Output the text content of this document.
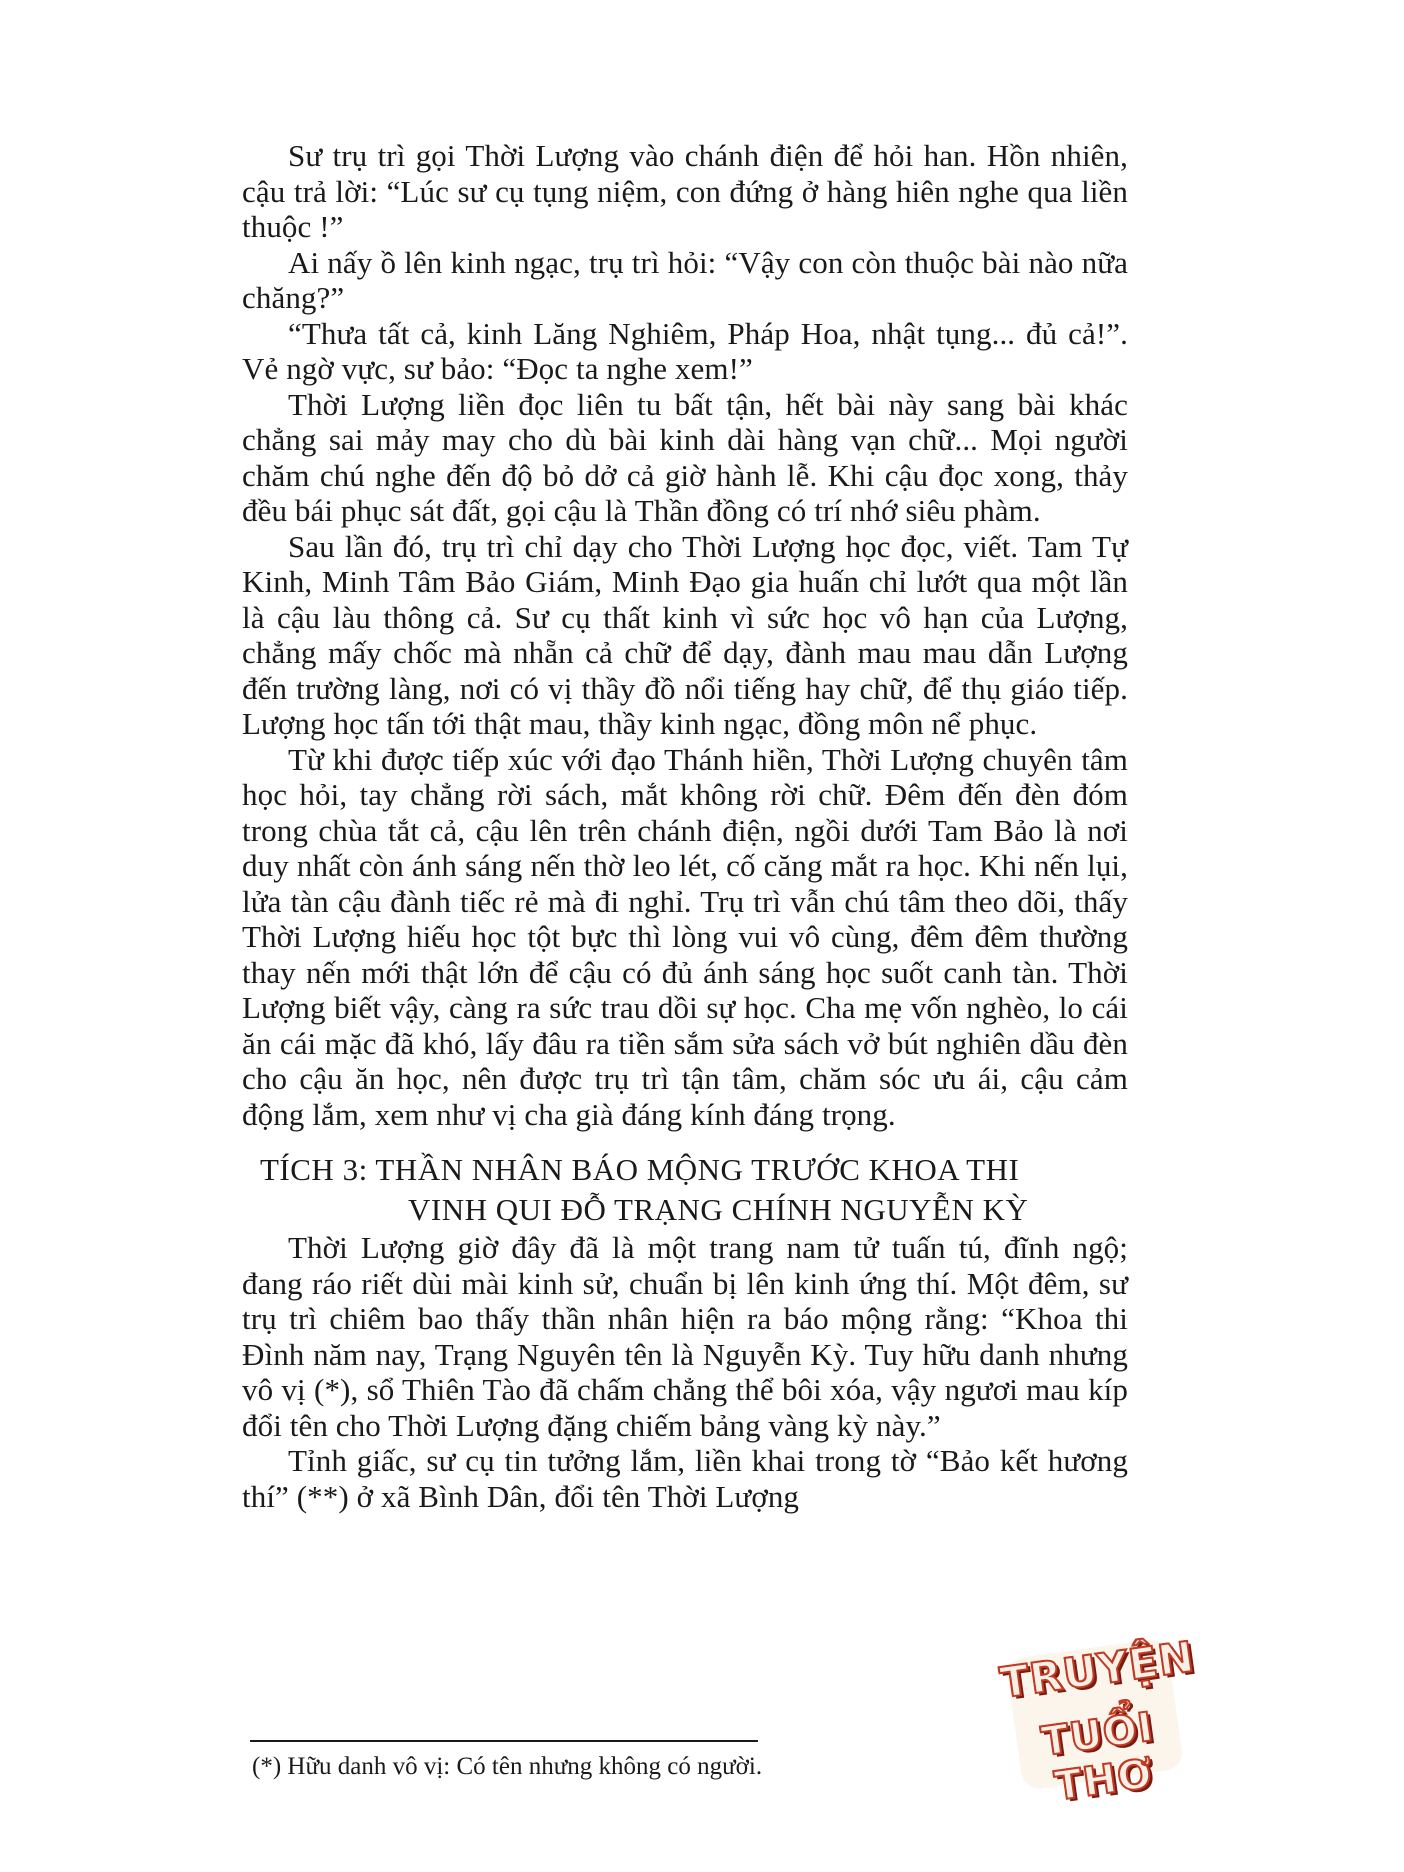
Sư trụ trì gọi Thời Lượng vào chánh điện để hỏi han. Hồn nhiên, cậu trả lời: “Lúc sư cụ tụng niệm, con đứng ở hàng hiên nghe qua liền thuộc !”

Ai nấy ồ lên kinh ngạc, trụ trì hỏi: “Vậy con còn thuộc bài nào nữa chăng?”

“Thưa tất cả, kinh Lăng Nghiêm, Pháp Hoa, nhật tụng... đủ cả!”. Vẻ ngờ vực, sư bảo: “Đọc ta nghe xem!”

Thời Lượng liền đọc liên tu bất tận, hết bài này sang bài khác chẳng sai mảy may cho dù bài kinh dài hàng vạn chữ... Mọi người chăm chú nghe đến độ bỏ dở cả giờ hành lễ. Khi cậu đọc xong, thảy đều bái phục sát đất, gọi cậu là Thần đồng có trí nhớ siêu phàm.

Sau lần đó, trụ trì chỉ dạy cho Thời Lượng học đọc, viết. Tam Tự Kinh, Minh Tâm Bảo Giám, Minh Đạo gia huấn chỉ lướt qua một lần là cậu làu thông cả. Sư cụ thất kinh vì sức học vô hạn của Lượng, chẳng mấy chốc mà nhẵn cả chữ để dạy, đành mau mau dẫn Lượng đến trường làng, nơi có vị thầy đồ nổi tiếng hay chữ, để thụ giáo tiếp. Lượng học tấn tới thật mau, thầy kinh ngạc, đồng môn nể phục.

Từ khi được tiếp xúc với đạo Thánh hiền, Thời Lượng chuyên tâm học hỏi, tay chẳng rời sách, mắt không rời chữ. Đêm đến đèn đóm trong chùa tắt cả, cậu lên trên chánh điện, ngồi dưới Tam Bảo là nơi duy nhất còn ánh sáng nến thờ leo lét, cố căng mắt ra học. Khi nến lụi, lửa tàn cậu đành tiếc rẻ mà đi nghỉ. Trụ trì vẫn chú tâm theo dõi, thấy Thời Lượng hiếu học tột bực thì lòng vui vô cùng, đêm đêm thường thay nến mới thật lớn để cậu có đủ ánh sáng học suốt canh tàn. Thời Lượng biết vậy, càng ra sức trau dồi sự học. Cha mẹ vốn nghèo, lo cái ăn cái mặc đã khó, lấy đâu ra tiền sắm sửa sách vở bút nghiên dầu đèn cho cậu ăn học, nên được trụ trì tận tâm, chăm sóc ưu ái, cậu cảm động lắm, xem như vị cha già đáng kính đáng trọng.

TÍCH 3: THẦN NHÂN BÁO MỘNG TRƯỚC KHOA THI
VINH QUI ĐỖ TRẠNG CHÍNH NGUYỄN KỲ

Thời Lượng giờ đây đã là một trang nam tử tuấn tú, đĩnh ngộ; đang ráo riết dùi mài kinh sử, chuẩn bị lên kinh ứng thí. Một đêm, sư trụ trì chiêm bao thấy thần nhân hiện ra báo mộng rằng: “Khoa thi Đình năm nay, Trạng Nguyên tên là Nguyễn Kỳ. Tuy hữu danh nhưng vô vị (*), sổ Thiên Tào đã chấm chẳng thể bôi xóa, vậy ngươi mau kíp đổi tên cho Thời Lượng đặng chiếm bảng vàng kỳ này.”

Tỉnh giấc, sư cụ tin tưởng lắm, liền khai trong tờ “Bảo kết hương thí” (**) ở xã Bình Dân, đổi tên Thời Lượng

(*) Hữu danh vô vị: Có tên nhưng không có người.
TRUYỆN
TUỔI THƠ
